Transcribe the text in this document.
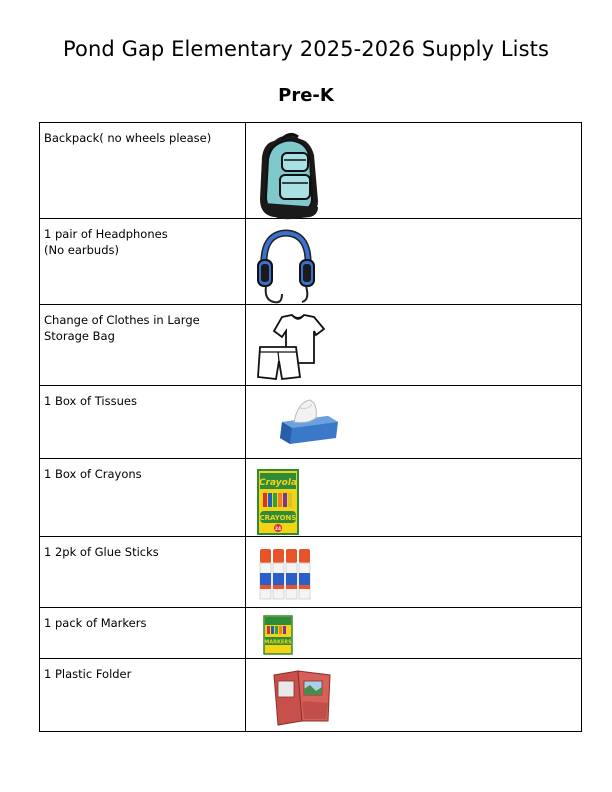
Pond Gap Elementary 2025-2026 Supply Lists
Pre-K
Backpack( no wheels please)	

1 pair of Headphones
(No earbuds)	

Change of Clothes in Large
Storage Bag	

1 Box of Tissues	

1 Box of Crayons	Crayola
CRAYONS
24

1 2pk of Glue Sticks	

1 pack of Markers	MARKERS

1 Plastic Folder	
